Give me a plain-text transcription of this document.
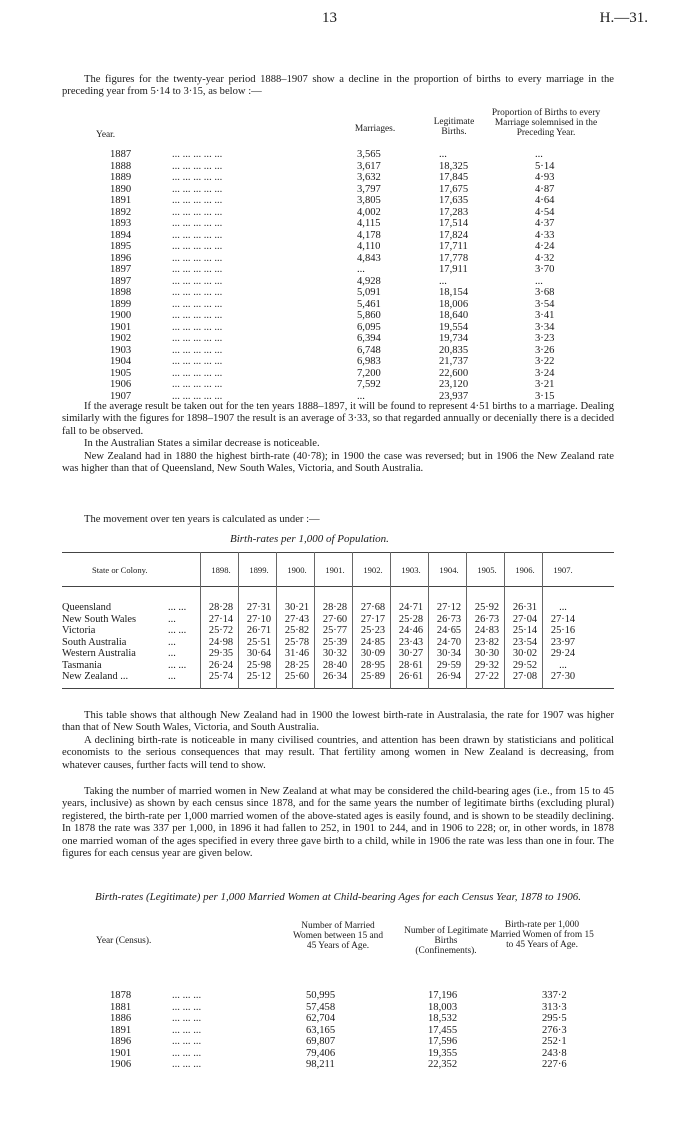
13	H.—31.

The figures for the twenty-year period 1888–1907 show a decline in the proportion of births to every marriage in the preceding year from 5·14 to 3·15, as below :—

Year.
Marriages.
Legitimate Births.
Proportion of Births to every Marriage solemnised in the Preceding Year.
1887	... ... ... ... ...	3,565	...	...
1888	... ... ... ... ...	3,617	18,325	5·14
1889	... ... ... ... ...	3,632	17,845	4·93
1890	... ... ... ... ...	3,797	17,675	4·87
1891	... ... ... ... ...	3,805	17,635	4·64
1892	... ... ... ... ...	4,002	17,283	4·54
1893	... ... ... ... ...	4,115	17,514	4·37
1894	... ... ... ... ...	4,178	17,824	4·33
1895	... ... ... ... ...	4,110	17,711	4·24
1896	... ... ... ... ...	4,843	17,778	4·32
1897	... ... ... ... ...	...	17,911	3·70
1897	... ... ... ... ...	4,928	...	...
1898	... ... ... ... ...	5,091	18,154	3·68
1899	... ... ... ... ...	5,461	18,006	3·54
1900	... ... ... ... ...	5,860	18,640	3·41
1901	... ... ... ... ...	6,095	19,554	3·34
1902	... ... ... ... ...	6,394	19,734	3·23
1903	... ... ... ... ...	6,748	20,835	3·26
1904	... ... ... ... ...	6,983	21,737	3·22
1905	... ... ... ... ...	7,200	22,600	3·24
1906	... ... ... ... ...	7,592	23,120	3·21
1907	... ... ... ... ...	...	23,937	3·15

If the average result be taken out for the ten years 1888–1897, it will be found to represent 4·51 births to a marriage. Dealing similarly with the figures for 1898–1907 the result is an average of 3·33, so that regarded annually or decenially there is a decided fall to be observed.

In the Australian States a similar decrease is noticeable.

New Zealand had in 1880 the highest birth-rate (40·78); in 1900 the case was reversed; but in 1906 the New Zealand rate was higher than that of Queensland, New South Wales, Victoria, and South Australia.

The movement over ten years is calculated as under :—

Birth-rates per 1,000 of Population.
State or Colony.	1898.	1899.	1900.	1901.	1902.	1903.	1904.	1905.	1906.	1907.
Queensland	... ...	28·28	27·31	30·21	28·28	27·68	24·71	27·12	25·92	26·31	...
New South Wales	...	27·14	27·10	27·43	27·60	27·17	25·28	26·73	26·73	27·04	27·14
Victoria	... ...	25·72	26·71	25·82	25·77	25·23	24·46	24·65	24·83	25·14	25·16
South Australia	...	24·98	25·51	25·78	25·39	24·85	23·43	24·70	23·82	23·54	23·97
Western Australia	...	29·35	30·64	31·46	30·32	30·09	30·27	30·34	30·30	30·02	29·24
Tasmania	... ...	26·24	25·98	28·25	28·40	28·95	28·61	29·59	29·32	29·52	...
New Zealand ...	...	25·74	25·12	25·60	26·34	25·89	26·61	26·94	27·22	27·08	27·30

This table shows that although New Zealand had in 1900 the lowest birth-rate in Australasia, the rate for 1907 was higher than that of New South Wales, Victoria, and South Australia.

A declining birth-rate is noticeable in many civilised countries, and attention has been drawn by statisticians and political economists to the serious consequences that may result. That fertility among women in New Zealand is decreasing, from whatever causes, further facts will tend to show.

Taking the number of married women in New Zealand at what may be considered the child-bearing ages (i.e., from 15 to 45 years, inclusive) as shown by each census since 1878, and for the same years the number of legitimate births (excluding plural) registered, the birth-rate per 1,000 married women of the above-stated ages is easily found, and is shown to be steadily declining. In 1878 the rate was 337 per 1,000, in 1896 it had fallen to 252, in 1901 to 244, and in 1906 to 228; or, in other words, in 1878 one married woman of the ages specified in every three gave birth to a child, while in 1906 the rate was less than one in four. The figures for each census year are given below.

Birth-rates (Legitimate) per 1,000 Married Women at Child-bearing Ages for each Census Year, 1878 to 1906.
Year (Census).
Number of Married Women between 15 and 45 Years of Age.
Number of Legitimate Births (Confinements).
Birth-rate per 1,000 Married Women of from 15 to 45 Years of Age.
1878	... ... ...	50,995	17,196	337·2
1881	... ... ...	57,458	18,003	313·3
1886	... ... ...	62,704	18,532	295·5
1891	... ... ...	63,165	17,455	276·3
1896	... ... ...	69,807	17,596	252·1
1901	... ... ...	79,406	19,355	243·8
1906	... ... ...	98,211	22,352	227·6
